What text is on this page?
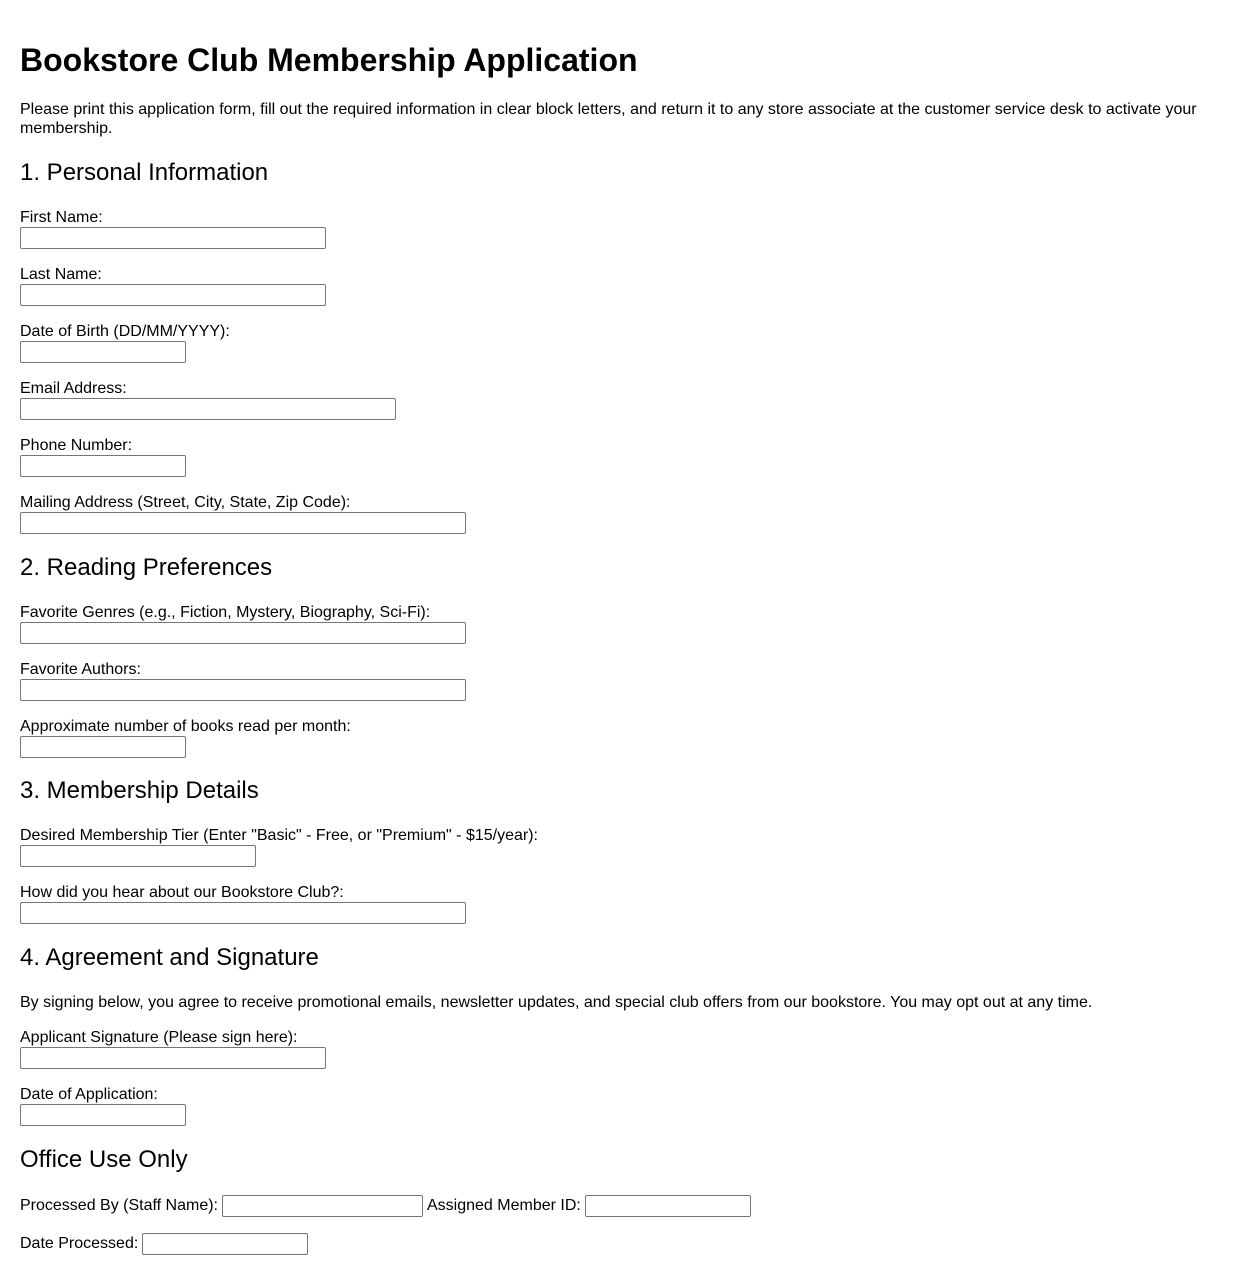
Bookstore Club Membership Application

Please print this application form, fill out the required information in clear block letters, and return it to any store associate at the customer service desk to activate your membership.

1. Personal Information
First Name:
Last Name:
Date of Birth (DD/MM/YYYY):
Email Address:
Phone Number:
Mailing Address (Street, City, State, Zip Code):
2. Reading Preferences
Favorite Genres (e.g., Fiction, Mystery, Biography, Sci-Fi):
Favorite Authors:
Approximate number of books read per month:
3. Membership Details
Desired Membership Tier (Enter "Basic" - Free, or "Premium" - $15/year):
How did you hear about our Bookstore Club?:
4. Agreement and Signature

By signing below, you agree to receive promotional emails, newsletter updates, and special club offers from our bookstore. You may opt out at any time.

Applicant Signature (Please sign here):
Date of Application:
Office Use Only
Processed By (Staff Name):	Assigned Member ID:
Date Processed:
